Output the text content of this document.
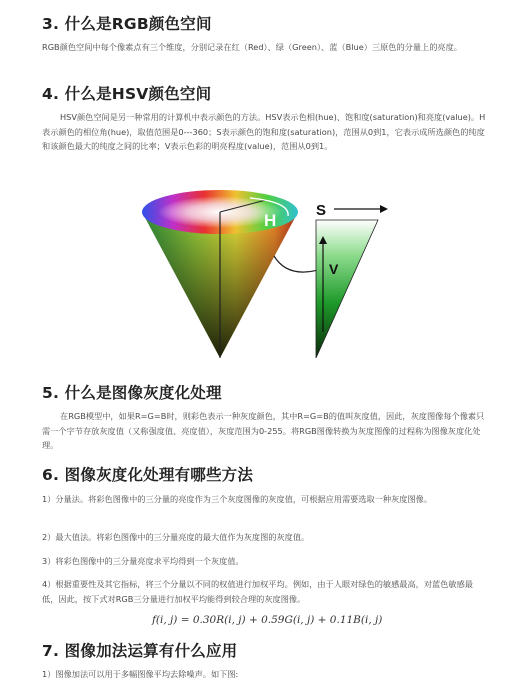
3. 什么是RGB颜色空间

RGB颜色空间中每个像素点有三个维度，分别记录在红（Red）、绿（Green）、蓝（Blue）三原色的分量上的亮度。

4. 什么是HSV颜色空间

HSV颜色空间是另一种常用的计算机中表示颜色的方法。HSV表示色相(hue)、饱和度(saturation)和亮度(value)。H表示颜色的相位角(hue)，取值范围是0---360；S表示颜色的饱和度(saturation)，范围从0到1，它表示成所选颜色的纯度和该颜色最大的纯度之间的比率；V表示色彩的明亮程度(value)，范围从0到1。

H
S
V
5. 什么是图像灰度化处理

在RGB模型中，如果R=G=B时，则彩色表示一种灰度颜色，其中R=G=B的值叫灰度值，因此，灰度图像每个像素只需一个字节存放灰度值（又称强度值、亮度值），灰度范围为0-255。将RGB图像转换为灰度图像的过程称为图像灰度化处理。

6. 图像灰度化处理有哪些方法

1）分量法。将彩色图像中的三分量的亮度作为三个灰度图像的灰度值，可根据应用需要选取一种灰度图像。

2）最大值法。将彩色图像中的三分量亮度的最大值作为灰度图的灰度值。

3）将彩色图像中的三分量亮度求平均得到一个灰度值。

4）根据重要性及其它指标，将三个分量以不同的权值进行加权平均。例如，由于人眼对绿色的敏感最高，对蓝色敏感最低，因此，按下式对RGB三分量进行加权平均能得到较合理的灰度图像。

f(i, j) = 0.30R(i, j) + 0.59G(i, j) + 0.11B(i, j)
7. 图像加法运算有什么应用

1）图像加法可以用于多幅图像平均去除噪声。如下图:
